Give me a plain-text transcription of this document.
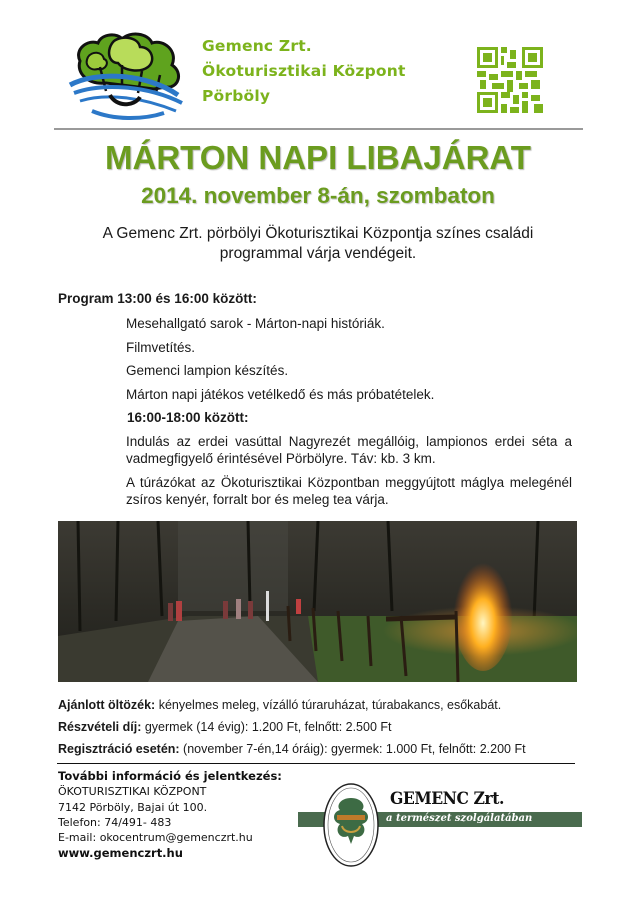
Gemenc Zrt.
Ökoturisztikai Központ
Pörböly
MÁRTON NAPI LIBAJÁRAT
2014. november 8-án, szombaton
A Gemenc Zrt. pörbölyi Ökoturisztikai Központja színes családi programmal várja vendégeit.
Program 13:00 és 16:00 között:
Mesehallgató sarok - Márton-napi históriák.
Filmvetítés.
Gemenci lampion készítés.
Márton napi játékos vetélkedő és más próbatételek.
16:00-18:00 között:
Indulás az erdei vasúttal Nagyrezét megállóig, lampionos erdei séta a vadmegfigyelő érintésével Pörbölyre. Táv: kb. 3 km.
A túrázókat az Ökoturisztikai Központban meggyújtott máglya melegénél zsíros kenyér, forralt bor és meleg tea várja.
Ajánlott öltözék: kényelmes meleg, vízálló túraruházat, túrabakancs, esőkabát.
Részvételi díj: gyermek (14 évig): 1.200 Ft, felnőtt: 2.500 Ft
Regisztráció esetén: (november 7-én,14 óráig): gyermek: 1.000 Ft, felnőtt: 2.200 Ft
További információ és jelentkezés:
ÖKOTURISZTIKAI KÖZPONT
7142 Pörböly, Bajai út 100.
Telefon: 74/491- 483
E-mail: okocentrum@gemenczrt.hu
www.gemenczrt.hu
GEMENC Zrt.
a természet szolgálatában
